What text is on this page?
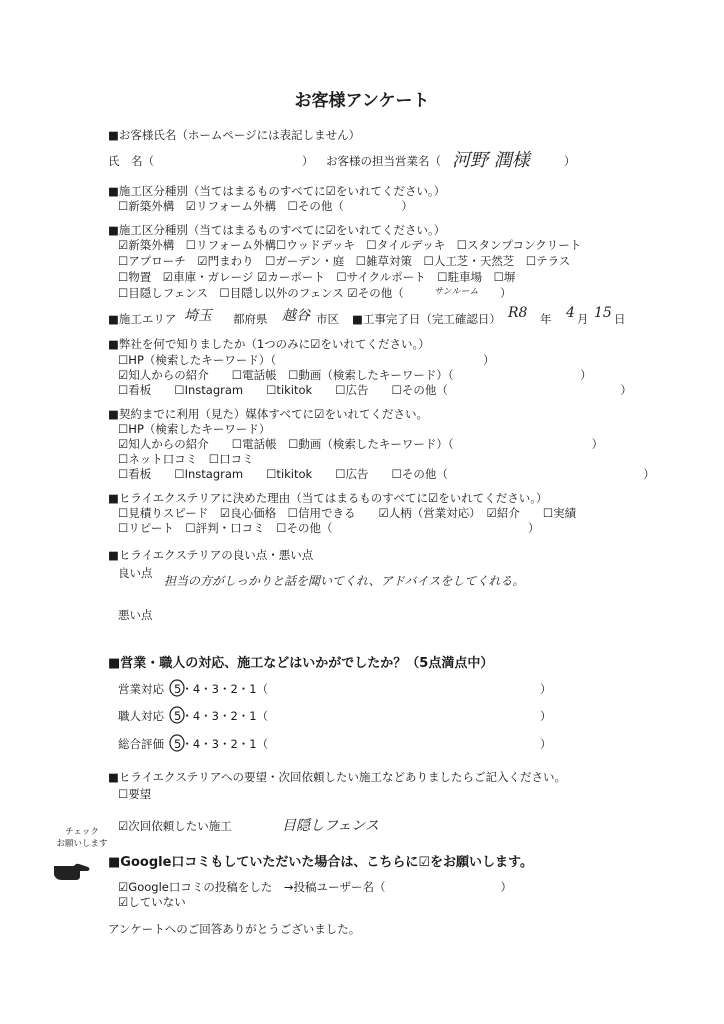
お客様アンケート
■お客様氏名（ホームページには表記しません）
氏　名（	） お客様の担当営業名（ 河野 潤様	）
■施工区分種別（当てはまるものすべてに☑をいれてください。）
☐新築外構　☑リフォーム外構　☐その他（　　　　　）
■施工区分種別（当てはまるものすべてに☑をいれてください。）
☑新築外構　☐リフォーム外構☐ウッドデッキ　☐タイルデッキ　☐スタンプコンクリート
☐アプローチ　☑門まわり　☐ガーデン・庭　☐雑草対策　☐人工芝・天然芝　☐テラス
☐物置　☑車庫・ガレージ ☑カーポート　☐サイクルポート　☐駐車場　☐塀
☐目隠しフェンス　☐目隠し以外のフェンス ☑その他（	サンルーム ）
■施工エリア 埼玉 都府県 越谷 市区 ■工事完了日（完工確認日） R8 年 4 月 15 日
■弊社を何で知りましたか（1つのみに☑をいれてください。）
☐HP（検索したキーワード）（　　　　　　　　　　　　　　　　　　）
☑知人からの紹介　　☐電話帳　☐動画（検索したキーワード）（　　　　　　　　　　　）
☐看板　　☐Instagram　　☐tikitok　　☐広告　　☐その他（　　　　　　　　　　　　　　　）
■契約までに利用（見た）媒体すべてに☑をいれてください。
☐HP（検索したキーワード）
☑知人からの紹介　　☐電話帳　☐動画（検索したキーワード）（　　　　　　　　　　　　）
☐ネット口コミ　☐口コミ
☐看板　　☐Instagram　　☐tikitok　　☐広告　　☐その他（　　　　　　　　　　　　　　　　　）
■ヒライエクステリアに決めた理由（当てはまるものすべてに☑をいれてください。）
☐見積りスピード　☑良心価格　☐信用できる　　☑人柄（営業対応）　☑紹介　　☐実績
☐リピート　☐評判・口コミ　☐その他（　　　　　　　　　　　　　　　　　）
■ヒライエクステリアの良い点・悪い点
良い点
担当の方がしっかりと話を聞いてくれ、アドバイスをしてくれる。
悪い点
■営業・職人の対応、施工などはいかがでしたか？（5点満点中）
営業対応 5・4・3・2・1（	）
職人対応 5・4・3・2・1（	）
総合評価 5・4・3・2・1（	）
■ヒライエクステリアへの要望・次回依頼したい施工などありましたらご記入ください。
☐要望
☑次回依頼したい施工	目隠しフェンス
チェック
お願いします
■Google口コミもしていただいた場合は、こちらに☑をお願いします。
☑Google口コミの投稿をした　→投稿ユーザー名（　　　　　　　　　　）
☑していない
アンケートへのご回答ありがとうございました。
